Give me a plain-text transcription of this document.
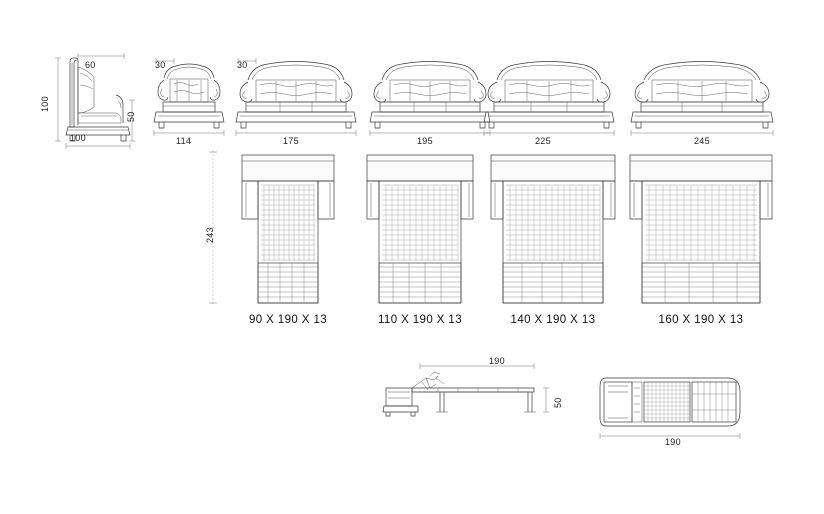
60
100
100
50
30
114
30
175	195	225	245
243
90 X 190 X 13	110 X 190 X 13	140 X 190 X 13	160 X 190 X 13
190
50
190
